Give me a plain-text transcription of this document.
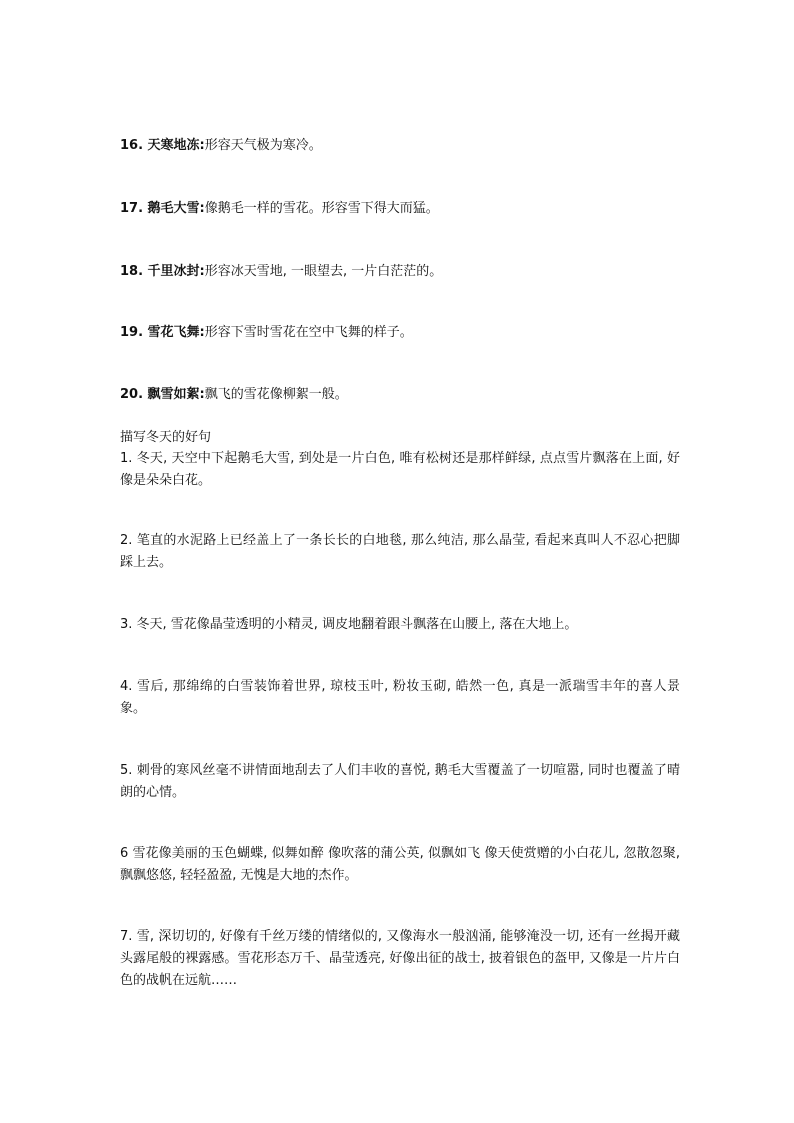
16. 天寒地冻:形容天气极为寒冷。
17. 鹅毛大雪:像鹅毛一样的雪花。形容雪下得大而猛。
18. 千里冰封:形容冰天雪地, 一眼望去, 一片白茫茫的。
19. 雪花飞舞:形容下雪时雪花在空中飞舞的样子。
20. 飘雪如絮:飘飞的雪花像柳絮一般。
描写冬天的好句
1. 冬天, 天空中下起鹅毛大雪, 到处是一片白色, 唯有松树还是那样鲜绿, 点点雪片飘落在上面, 好像是朵朵白花。
2. 笔直的水泥路上已经盖上了一条长长的白地毯, 那么纯洁, 那么晶莹, 看起来真叫人不忍心把脚踩上去。
3. 冬天, 雪花像晶莹透明的小精灵, 调皮地翻着跟斗飘落在山腰上, 落在大地上。
4. 雪后, 那绵绵的白雪装饰着世界, 琼枝玉叶, 粉妆玉砌, 皓然一色, 真是一派瑞雪丰年的喜人景象。
5. 刺骨的寒风丝毫不讲情面地刮去了人们丰收的喜悦, 鹅毛大雪覆盖了一切喧嚣, 同时也覆盖了晴朗的心情。
6 雪花像美丽的玉色蝴蝶, 似舞如醉 像吹落的蒲公英, 似飘如飞 像天使赏赠的小白花儿, 忽散忽聚, 飘飘悠悠, 轻轻盈盈, 无愧是大地的杰作。
7. 雪, 深切切的, 好像有千丝万缕的情绪似的, 又像海水一般汹涌, 能够淹没一切, 还有一丝揭开藏头露尾般的裸露感。雪花形态万千、晶莹透亮, 好像出征的战士, 披着银色的盔甲, 又像是一片片白色的战帆在远航……
